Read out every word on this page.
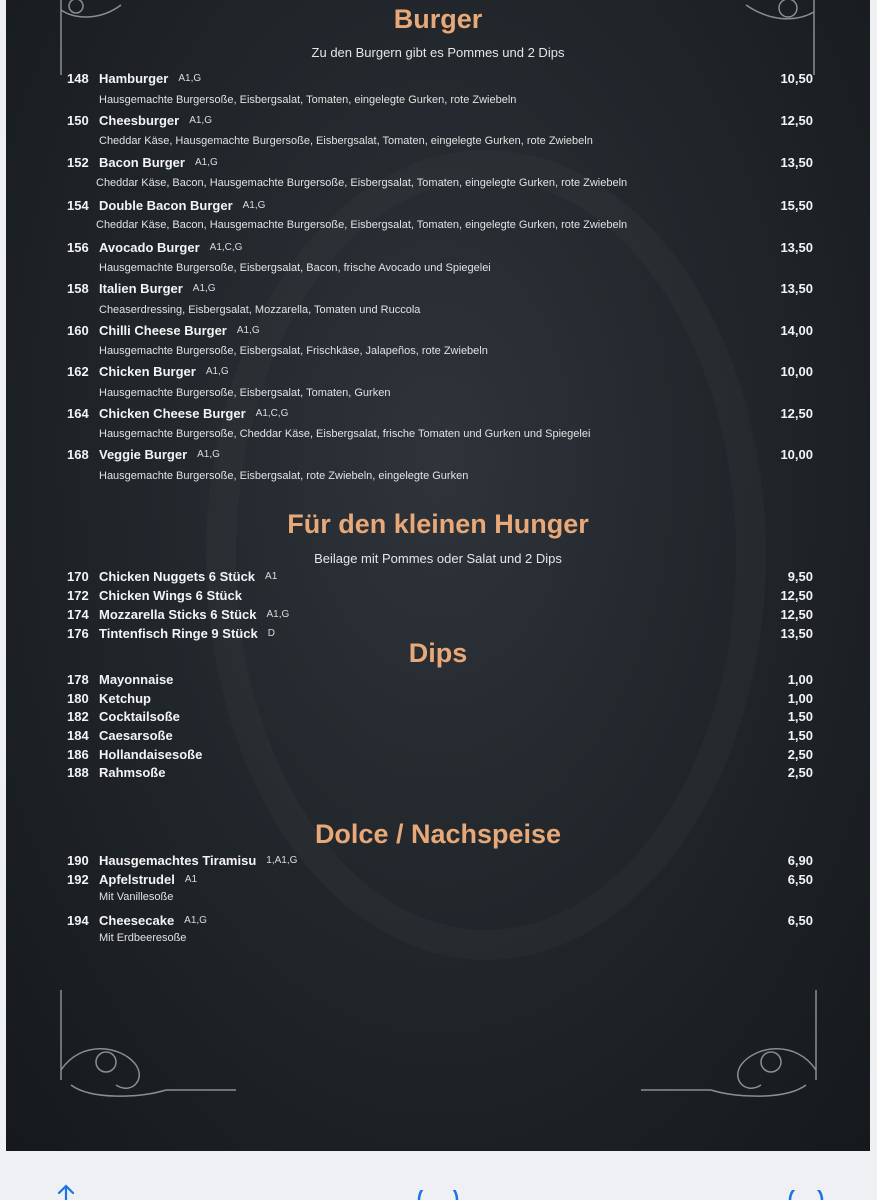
Burger

Zu den Burgern gibt es Pommes und 2 Dips

148 Hamburger A1,G	10,50
Hausgemachte Burgersoße, Eisbergsalat, Tomaten, eingelegte Gurken, rote Zwiebeln
150 Cheesburger A1,G	12,50
Cheddar Käse, Hausgemachte Burgersoße, Eisbergsalat, Tomaten, eingelegte Gurken, rote Zwiebeln
152 Bacon Burger A1,G	13,50
Cheddar Käse, Bacon, Hausgemachte Burgersoße, Eisbergsalat, Tomaten, eingelegte Gurken, rote Zwiebeln
154 Double Bacon Burger A1,G	15,50
Cheddar Käse, Bacon, Hausgemachte Burgersoße, Eisbergsalat, Tomaten, eingelegte Gurken, rote Zwiebeln
156 Avocado Burger A1,C,G	13,50
Hausgemachte Burgersoße, Eisbergsalat, Bacon, frische Avocado und Spiegelei
158 Italien Burger A1,G	13,50
Cheaserdressing, Eisbergsalat, Mozzarella, Tomaten und Ruccola
160 Chilli Cheese Burger A1,G	14,00
Hausgemachte Burgersoße, Eisbergsalat, Frischkäse, Jalapeños, rote Zwiebeln
162 Chicken Burger A1,G	10,00
Hausgemachte Burgersoße, Eisbergsalat, Tomaten, Gurken
164 Chicken Cheese Burger A1,C,G	12,50
Hausgemachte Burgersoße, Cheddar Käse, Eisbergsalat, frische Tomaten und Gurken und Spiegelei
168 Veggie Burger A1,G	10,00
Hausgemachte Burgersoße, Eisbergsalat, rote Zwiebeln, eingelegte Gurken
Für den kleinen Hunger

Beilage mit Pommes oder Salat und 2 Dips

170 Chicken Nuggets 6 Stück A1	9,50
172 Chicken Wings 6 Stück	12,50
174 Mozzarella Sticks 6 Stück A1,G	12,50
176 Tintenfisch Ringe 9 Stück D	13,50
Dips
178 Mayonnaise	1,00
180 Ketchup	1,00
182 Cocktailsoße	1,50
184 Caesarsoße	1,50
186 Hollandaisesoße	2,50
188 Rahmsoße	2,50
Dolce / Nachspeise
190 Hausgemachtes Tiramisu 1,A1,G	6,90
192 Apfelstrudel A1	6,50
Mit Vanillesoße
194 Cheesecake A1,G	6,50
Mit Erdbeeresoße
